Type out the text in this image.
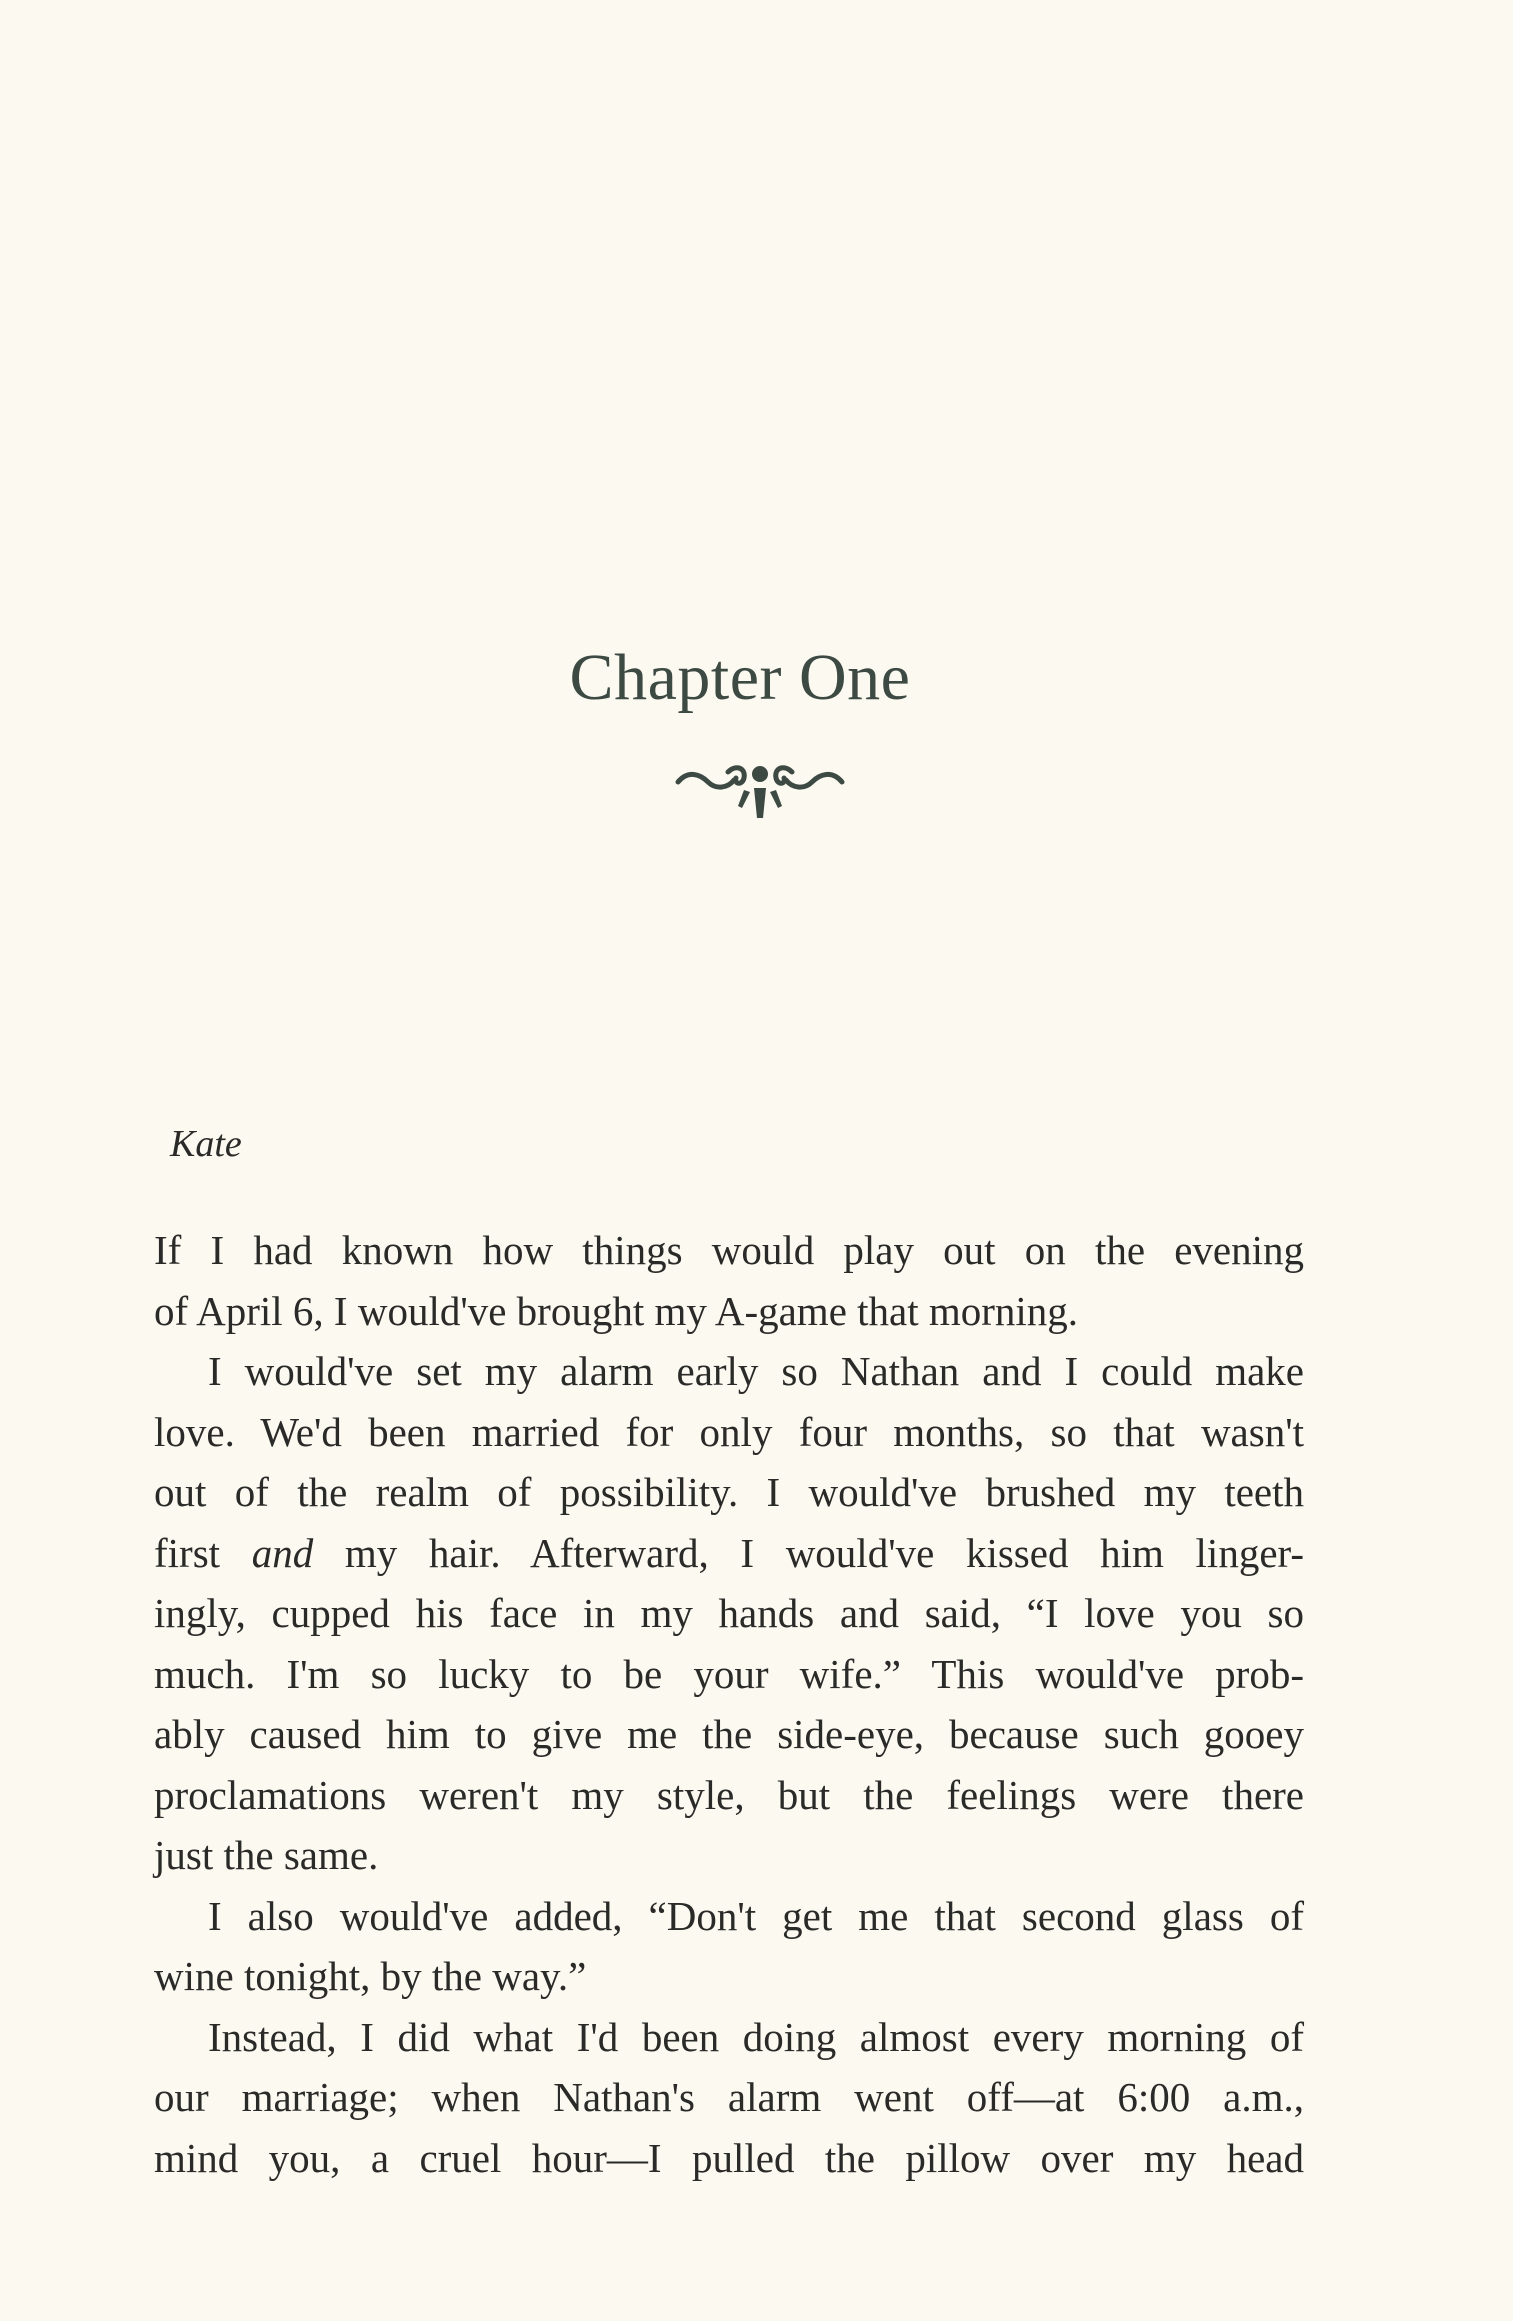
Chapter One
Kate
If I had known how things would play out on the evening
of April 6, I would've brought my A-game that morning.
I would've set my alarm early so Nathan and I could make
love. We'd been married for only four months, so that wasn't
out of the realm of possibility. I would've brushed my teeth
first and my hair. Afterward, I would've kissed him linger-
ingly, cupped his face in my hands and said, “I love you so
much. I'm so lucky to be your wife.” This would've prob-
ably caused him to give me the side-eye, because such gooey
proclamations weren't my style, but the feelings were there
just the same.
I also would've added, “Don't get me that second glass of
wine tonight, by the way.”
Instead, I did what I'd been doing almost every morning of
our marriage; when Nathan's alarm went off—at 6:00 a.m.,
mind you, a cruel hour—I pulled the pillow over my head
